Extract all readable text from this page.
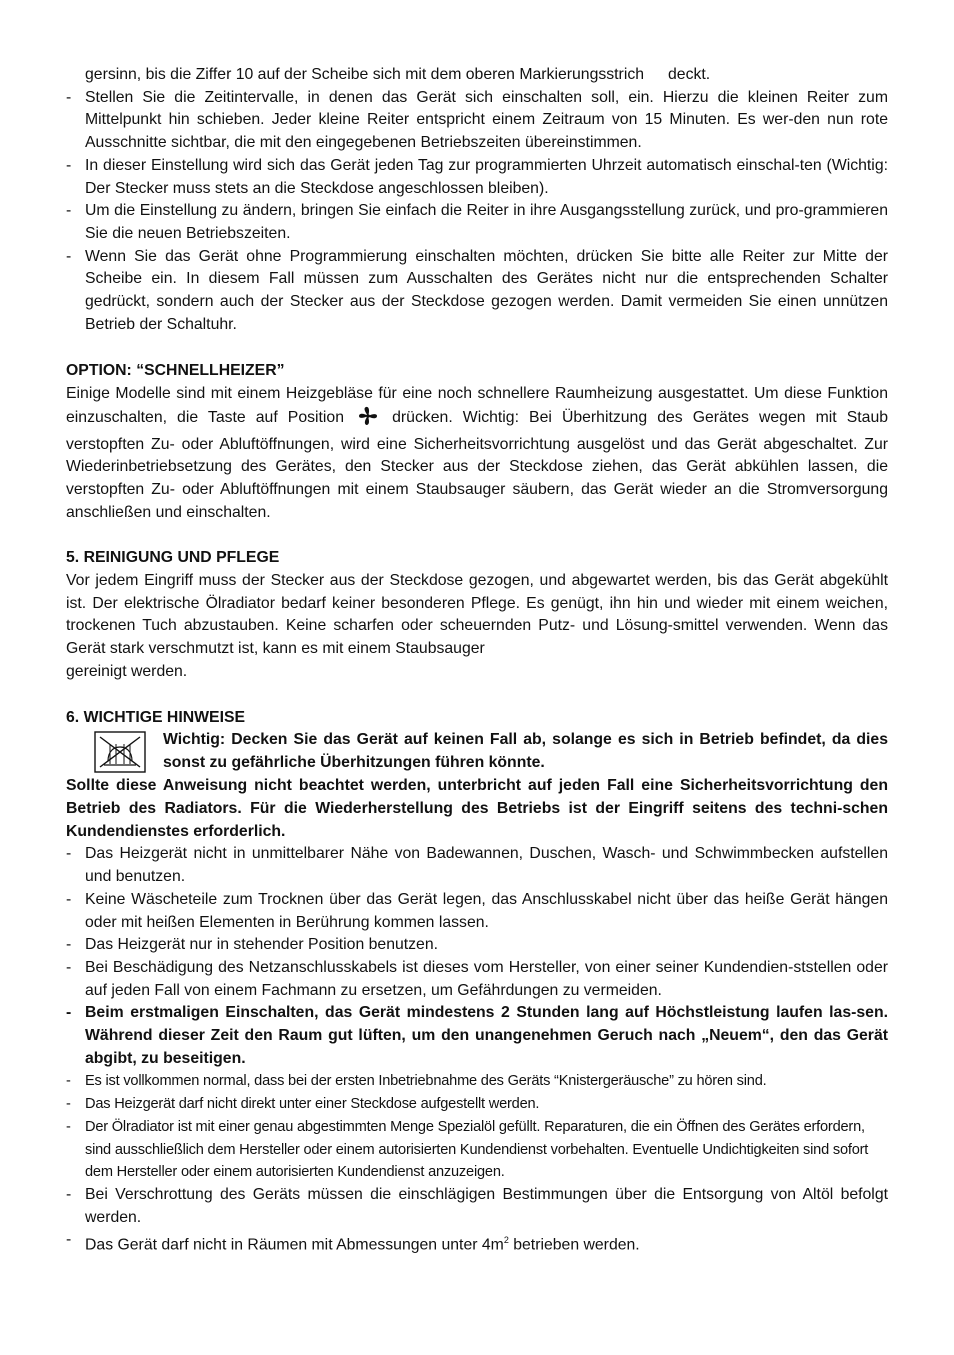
gersinn, bis die Ziffer 10 auf der Scheibe sich mit dem oberen Markierungsstrich deckt.
- Stellen Sie die Zeitintervalle, in denen das Gerät sich einschalten soll, ein. Hierzu die kleinen Reiter zum Mittelpunkt hin schieben. Jeder kleine Reiter entspricht einem Zeitraum von 15 Minuten. Es wer-den nun rote Ausschnitte sichtbar, die mit den eingegebenen Betriebszeiten übereinstimmen.
- In dieser Einstellung wird sich das Gerät jeden Tag zur programmierten Uhrzeit automatisch einschal-ten (Wichtig: Der Stecker muss stets an die Steckdose angeschlossen bleiben).
- Um die Einstellung zu ändern, bringen Sie einfach die Reiter in ihre Ausgangsstellung zurück, und pro-grammieren Sie die neuen Betriebszeiten.
- Wenn Sie das Gerät ohne Programmierung einschalten möchten, drücken Sie bitte alle Reiter zur Mitte der Scheibe ein. In diesem Fall müssen zum Ausschalten des Gerätes nicht nur die entsprechenden Schalter gedrückt, sondern auch der Stecker aus der Steckdose gezogen werden. Damit vermeiden Sie einen unnützen Betrieb der Schaltuhr.
OPTION: “SCHNELLHEIZER”
Einige Modelle sind mit einem Heizgebläse für eine noch schnellere Raumheizung ausgestattet. Um diese Funktion einzuschalten, die Taste auf Position	drücken. Wichtig: Bei Überhitzung des Gerätes wegen mit Staub verstopften Zu- oder Abluftöffnungen, wird eine Sicherheitsvorrichtung ausgelöst und das Gerät abgeschaltet. Zur Wiederinbetriebsetzung des Gerätes, den Stecker aus der Steckdose ziehen, das Gerät abkühlen lassen, die verstopften Zu- oder Abluftöffnungen mit einem Staubsauger säubern, das Gerät wieder an die Stromversorgung anschließen und einschalten.
5. REINIGUNG UND PFLEGE
Vor jedem Eingriff muss der Stecker aus der Steckdose gezogen, und abgewartet werden, bis das Gerät abgekühlt ist. Der elektrische Ölradiator bedarf keiner besonderen Pflege. Es genügt, ihn hin und wieder mit einem weichen, trockenen Tuch abzustauben. Keine scharfen oder scheuernden Putz- und Lösung-smittel verwenden. Wenn das Gerät stark verschmutzt ist, kann es mit einem Staubsauger
gereinigt werden.
6. WICHTIGE HINWEISE
Wichtig: Decken Sie das Gerät auf keinen Fall ab, solange es sich in Betrieb befindet, da dies sonst zu gefährliche Überhitzungen führen könnte.
Sollte diese Anweisung nicht beachtet werden, unterbricht auf jeden Fall eine Sicherheitsvorrichtung den Betrieb des Radiators. Für die Wiederherstellung des Betriebs ist der Eingriff seitens des techni-schen Kundendienstes erforderlich.
- Das Heizgerät nicht in unmittelbarer Nähe von Badewannen, Duschen, Wasch- und Schwimmbecken aufstellen und benutzen.
- Keine Wäscheteile zum Trocknen über das Gerät legen, das Anschlusskabel nicht über das heiße Gerät hängen oder mit heißen Elementen in Berührung kommen lassen.
- Das Heizgerät nur in stehender Position benutzen.
- Bei Beschädigung des Netzanschlusskabels ist dieses vom Hersteller, von einer seiner Kundendien-ststellen oder auf jeden Fall von einem Fachmann zu ersetzen, um Gefährdungen zu vermeiden.
- Beim erstmaligen Einschalten, das Gerät mindestens 2 Stunden lang auf Höchstleistung laufen las-sen. Während dieser Zeit den Raum gut lüften, um den unangenehmen Geruch nach „Neuem“, den das Gerät abgibt, zu beseitigen.
- Es ist vollkommen normal, dass bei der ersten Inbetriebnahme des Geräts “Knistergeräusche” zu hören sind.
- Das Heizgerät darf nicht direkt unter einer Steckdose aufgestellt werden.
- Der Ölradiator ist mit einer genau abgestimmten Menge Spezialöl gefüllt. Reparaturen, die ein Öffnen des Gerätes erfordern, sind ausschließlich dem Hersteller oder einem autorisierten Kundendienst vorbehalten. Eventuelle Undichtigkeiten sind sofort dem Hersteller oder einem autorisierten Kundendienst anzuzeigen.
- Bei Verschrottung des Geräts müssen die einschlägigen Bestimmungen über die Entsorgung von Altöl befolgt werden.
- Das Gerät darf nicht in Räumen mit Abmessungen unter $4m^2$ betrieben werden.
